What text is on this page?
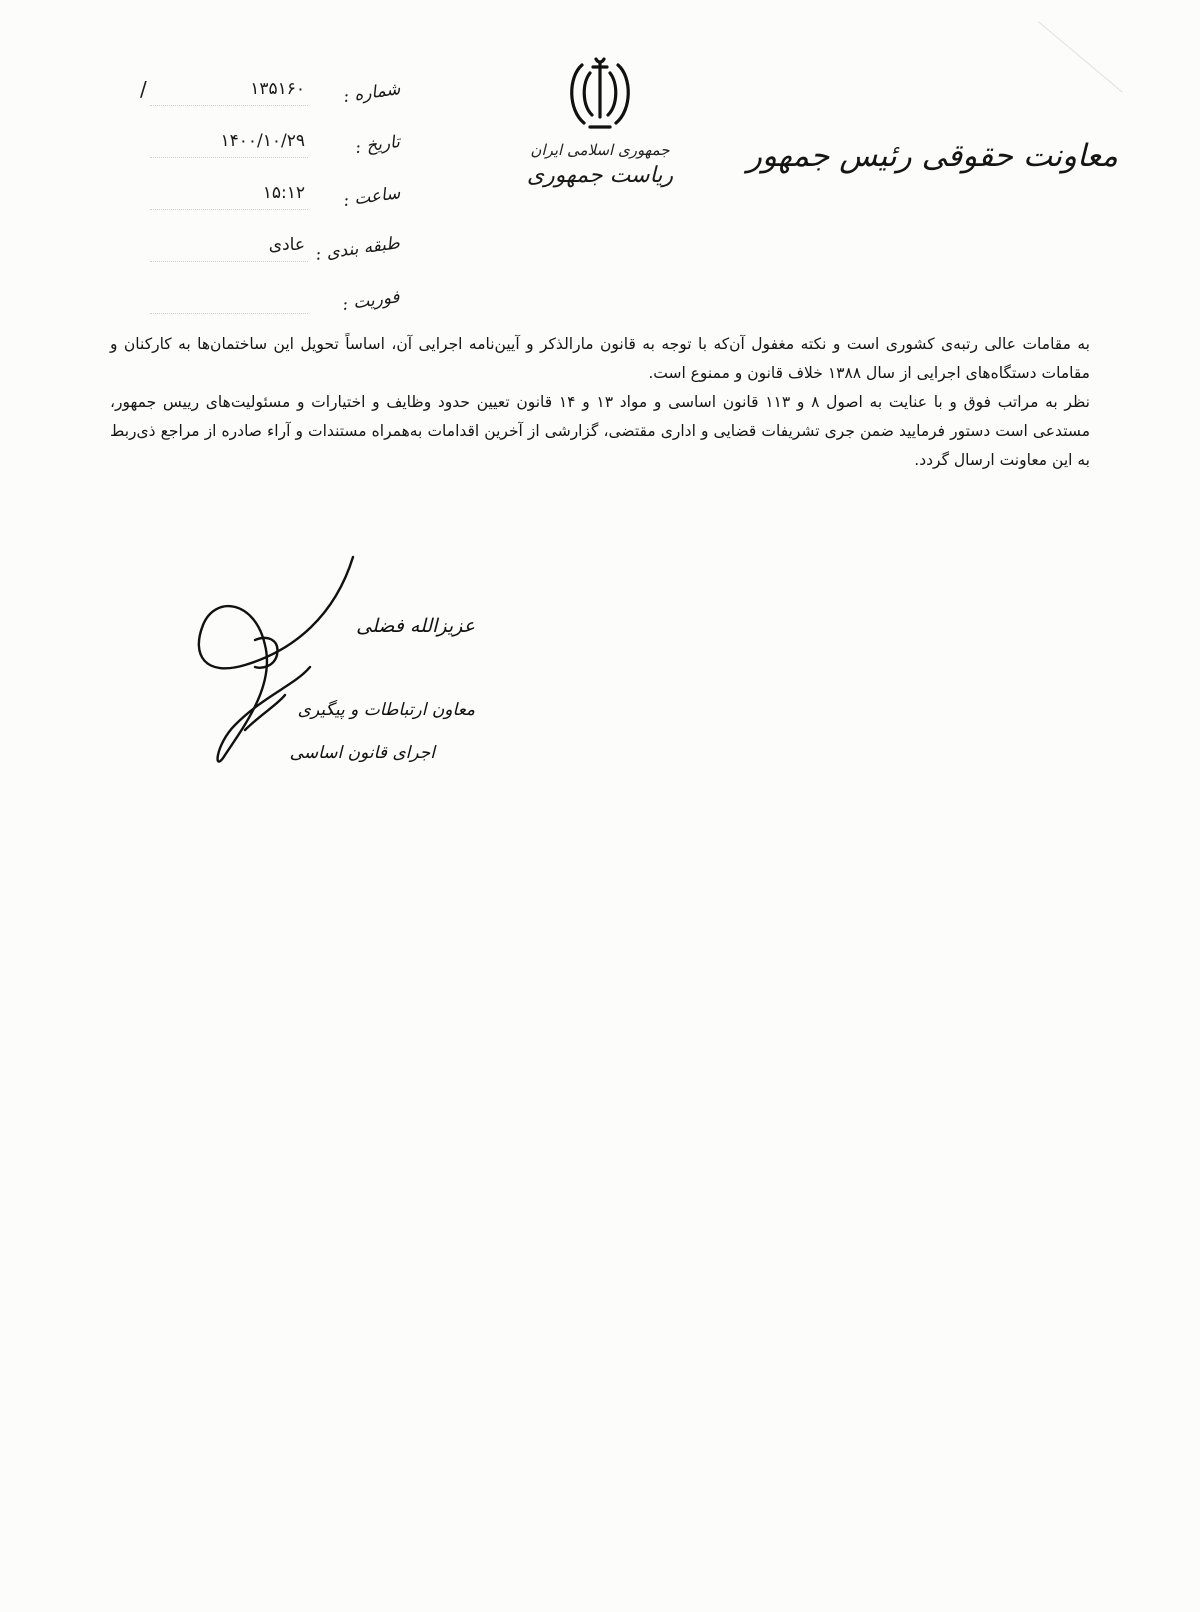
معاونت حقوقی رئیس جمهور
جمهوری اسلامی ایران
ریاست جمهوری
شماره :
۱۳۵۱۶۰
/
تاریخ :
۱۴۰۰/۱۰/۲۹
ساعت :
۱۵:۱۲
طبقه بندی :
عادی
فوریت :

به مقامات عالی رتبه‌ی کشوری است و نکته مغفول آن‌که با توجه به قانون مارالذکر و آیین‌نامه اجرایی آن، اساساً تحویل این ساختمان‌ها به کارکنان و مقامات دستگاه‌های اجرایی از سال ۱۳۸۸ خلاف قانون و ممنوع است.

نظر به مراتب فوق و با عنایت به اصول ۸ و ۱۱۳ قانون اساسی و مواد ۱۳ و ۱۴ قانون تعیین حدود وظایف و اختیارات و مسئولیت‌های رییس جمهور، مستدعی است دستور فرمایید ضمن جری تشریفات قضایی و اداری مقتضی، گزارشی از آخرین اقدامات به‌همراه مستندات و آراء صادره از مراجع ذی‌ربط به این معاونت ارسال گردد.

عزیزالله فضلی
معاون ارتباطات و پیگیری
اجرای قانون اساسی
